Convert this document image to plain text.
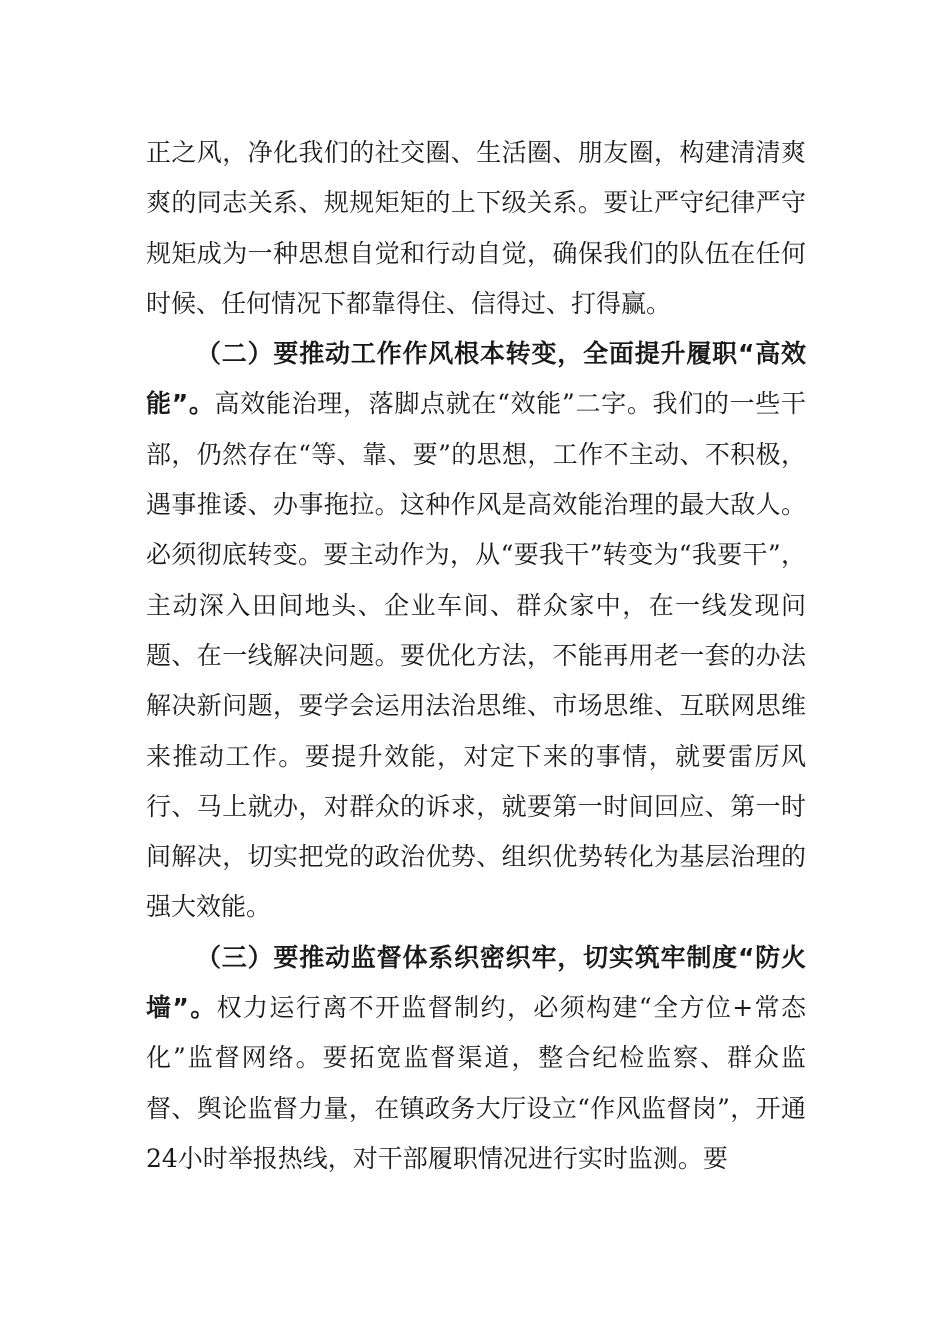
正之风，净化我们的社交圈、生活圈、朋友圈，构建清清爽爽的同志关系、规规矩矩的上下级关系。要让严守纪律严守规矩成为一种思想自觉和行动自觉，确保我们的队伍在任何时候、任何情况下都靠得住、信得过、打得赢。

（二）要推动工作作风根本转变，全面提升履职“高效能”。高效能治理，落脚点就在“效能”二字。我们的一些干部，仍然存在“等、靠、要”的思想，工作不主动、不积极，遇事推诿、办事拖拉。这种作风是高效能治理的最大敌人。必须彻底转变。要主动作为，从“要我干”转变为“我要干”，主动深入田间地头、企业车间、群众家中，在一线发现问题、在一线解决问题。要优化方法，不能再用老一套的办法解决新问题，要学会运用法治思维、市场思维、互联网思维来推动工作。要提升效能，对定下来的事情，就要雷厉风行、马上就办，对群众的诉求，就要第一时间回应、第一时间解决，切实把党的政治优势、组织优势转化为基层治理的强大效能。

（三）要推动监督体系织密织牢，切实筑牢制度“防火墙”。权力运行离不开监督制约，必须构建“全方位+常态化”监督网络。要拓宽监督渠道，整合纪检监察、群众监督、舆论监督力量，在镇政务大厅设立“作风监督岗”，开通24小时举报热线，对干部履职情况进行实时监测。要
